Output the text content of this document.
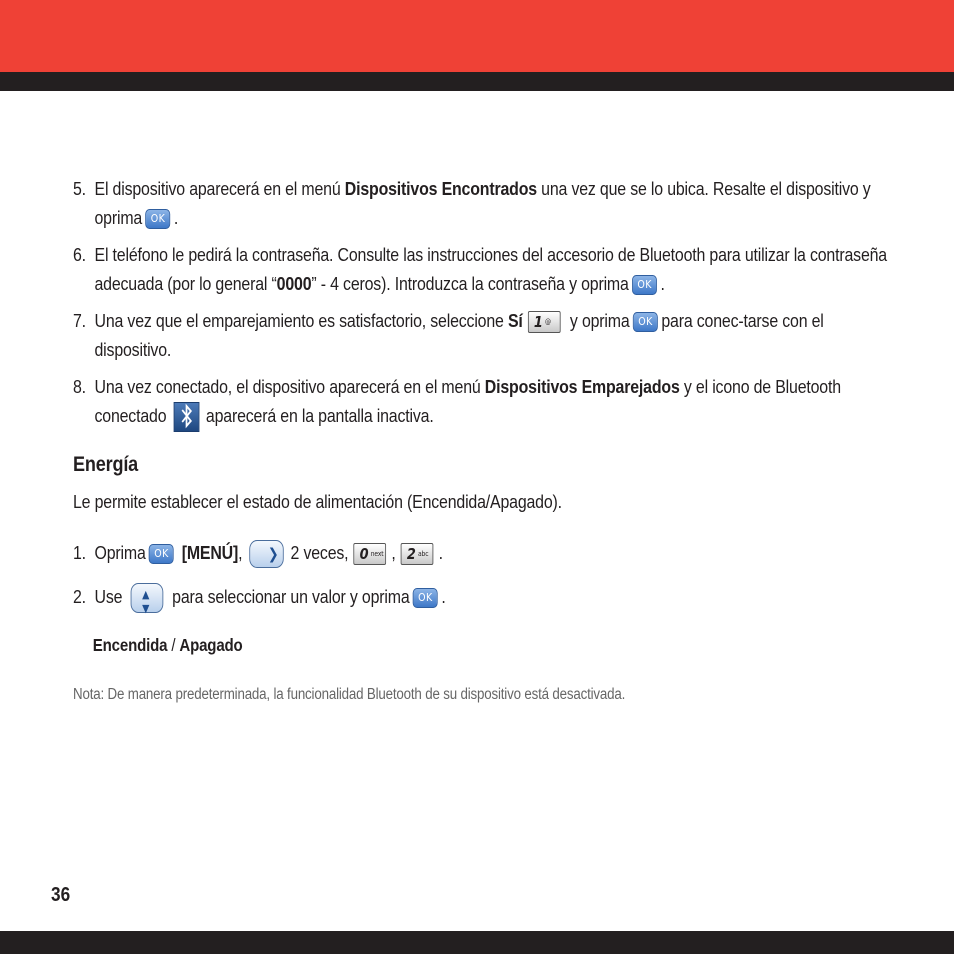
5. El dispositivo aparecerá en el menú Dispositivos Encontrados una vez que se lo ubica. Resalte el dispositivo y oprima OK .
6. El teléfono le pedirá la contraseña. Consulte las instrucciones del accesorio de Bluetooth para utilizar la contraseña adecuada (por lo general “0000” - 4 ceros). Introduzca la contraseña y oprima OK .
7. Una vez que el emparejamiento es satisfactorio, seleccione Sí 1 @ y oprima OK para conec-tarse con el dispositivo.
8. Una vez conectado, el dispositivo aparecerá en el menú Dispositivos Emparejados y el icono de Bluetooth conectado aparecerá en la pantalla inactiva.
Energía
Le permite establecer el estado de alimentación (Encendida/Apagado).
1. Oprima OK [MENÚ], ❯ 2 veces, 0 next , 2 abc .
2. Use ▲
▼
para seleccionar un valor y oprima OK .
Encendida / Apagado
Nota: De manera predeterminada, la funcionalidad Bluetooth de su dispositivo está desactivada.
36
